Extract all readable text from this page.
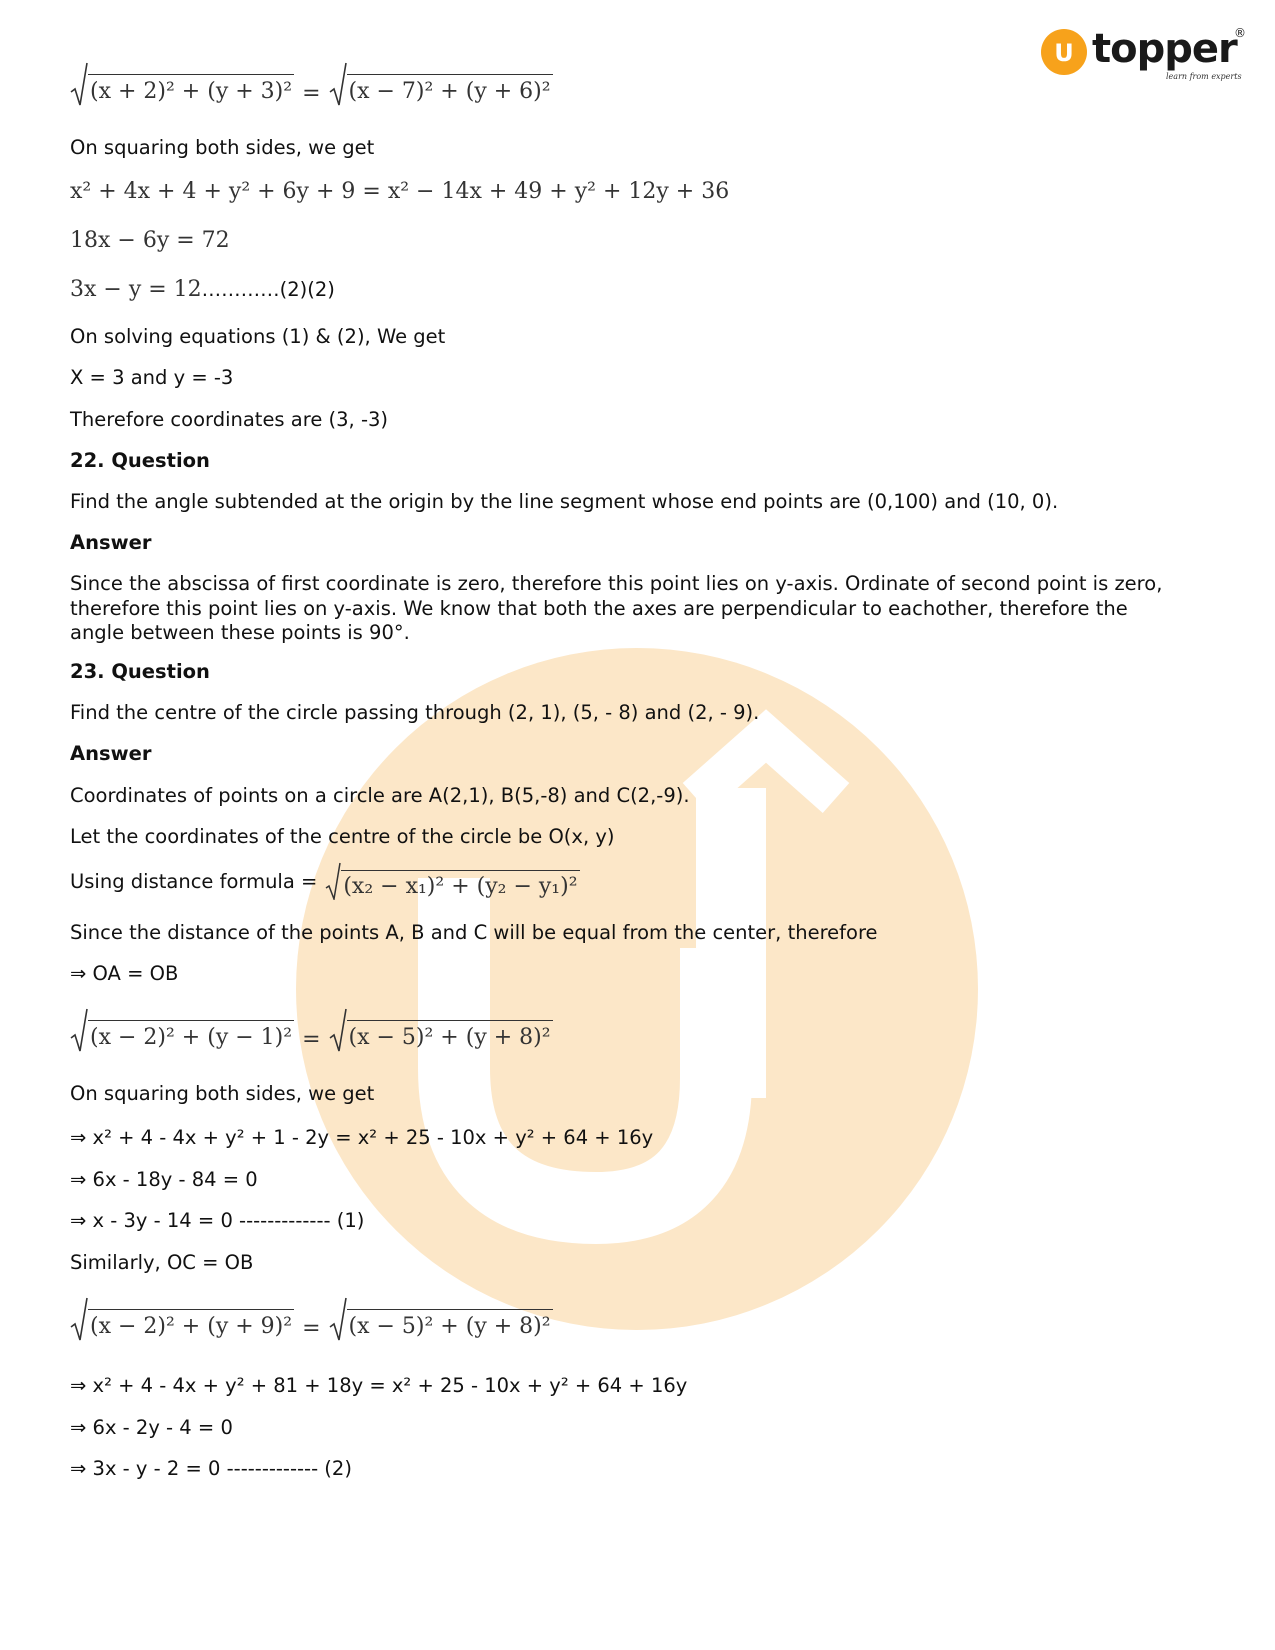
U topper
®
learn from experts
(x + 2)² + (y + 3)² = (x − 7)² + (y + 6)²
On squaring both sides, we get
x² + 4x + 4 + y² + 6y + 9 = x² − 14x + 49 + y² + 12y + 36
18x − 6y = 72
3x − y = 12…………(2)(2)
On solving equations (1) & (2), We get
X = 3 and y = -3
Therefore coordinates are (3, -3)
22. Question
Find the angle subtended at the origin by the line segment whose end points are (0,100) and (10, 0).
Answer
Since the abscissa of first coordinate is zero, therefore this point lies on y-axis. Ordinate of second point is zero, therefore this point lies on y-axis. We know that both the axes are perpendicular to eachother, therefore the angle between these points is 90°.
23. Question
Find the centre of the circle passing through (2, 1), (5, - 8) and (2, - 9).
Answer
Coordinates of points on a circle are A(2,1), B(5,-8) and C(2,-9).
Let the coordinates of the centre of the circle be O(x, y)
Using distance formula = (x₂ − x₁)² + (y₂ − y₁)²
Since the distance of the points A, B and C will be equal from the center, therefore
⇒ OA = OB
(x − 2)² + (y − 1)² = (x − 5)² + (y + 8)²
On squaring both sides, we get
⇒ x² + 4 - 4x + y² + 1 - 2y = x² + 25 - 10x + y² + 64 + 16y
⇒ 6x - 18y - 84 = 0
⇒ x - 3y - 14 = 0 ------------- (1)
Similarly, OC = OB
(x − 2)² + (y + 9)² = (x − 5)² + (y + 8)²
⇒ x² + 4 - 4x + y² + 81 + 18y = x² + 25 - 10x + y² + 64 + 16y
⇒ 6x - 2y - 4 = 0
⇒ 3x - y - 2 = 0 ------------- (2)
